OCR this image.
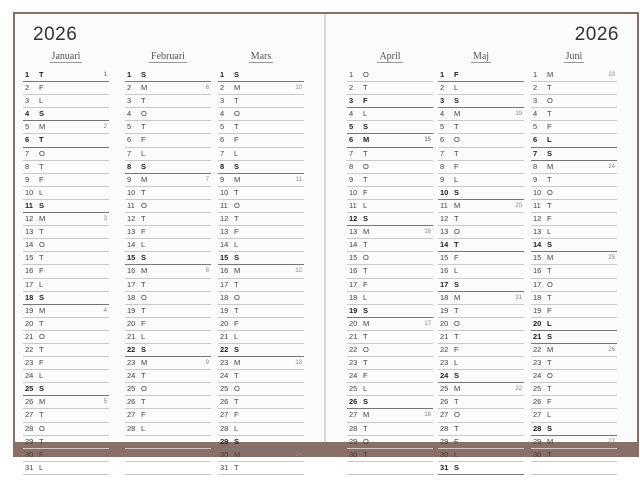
2026
Januari
1	T	1
2	F
3	L
4	S
5	M	2
6	T
7	O
8	T
9	F
10 L
11 S
12 M	3
13 T
14 O
15 T
16 F
17 L
18 S
19 M	4
20 T
21 O
22 T
23 F
24 L
25 S
26 M	5
27 T
28 O
29 T
30 F
31 L
Februari
1	S
2	M	6
3	T
4	O
5	T
6	F
7	L
8	S
9	M	7
10 T
11 O
12 T
13 F
14 L
15 S
16 M	8
17 T
18 O
19 T
20 F
21 L
22 S
23 M	9
24 T
25 O
26 T
27 F
28 L
Mars
1	S
2	M	10
3	T
4	O
5	T
6	F
7	L
8	S
9	M	11
10 T
11 O
12 T
13 F
14 L
15 S
16 M	12
17 T
18 O
19 T
20 F
21 L
22 S
23 M	13
24 T
25 O
26 T
27 F
28 L
29 S
30 M	14
31 T
2026
April
1	O
2	T
3	F
4	L
5	S
6	M	15
7	T
8	O
9	T
10 F
11 L
12 S
13 M	16
14 T
15 O
16 T
17 F
18 L
19 S
20 M	17
21 T
22 O
23 T
24 F
25 L
26 S
27 M	18
28 T
29 O
30 T
Maj
1	F
2	L
3	S
4	M	19
5	T
6	O
7	T
8	F
9	L
10 S
11 M	20
12 T
13 O
14 T
15 F
16 L
17 S
18 M	21
19 T
20 O
21 T
22 F
23 L
24 S
25 M	22
26 T
27 O
28 T
29 F
30 L
31 S
Juni
1	M	23
2	T
3	O
4	T
5	F
6	L
7	S
8	M	24
9	T
10 O
11 T
12 F
13 L
14 S
15 M	25
16 T
17 O
18 T
19 F
20 L
21 S
22 M	26
23 T
24 O
25 T
26 F
27 L
28 S
29 M	27
30 T
